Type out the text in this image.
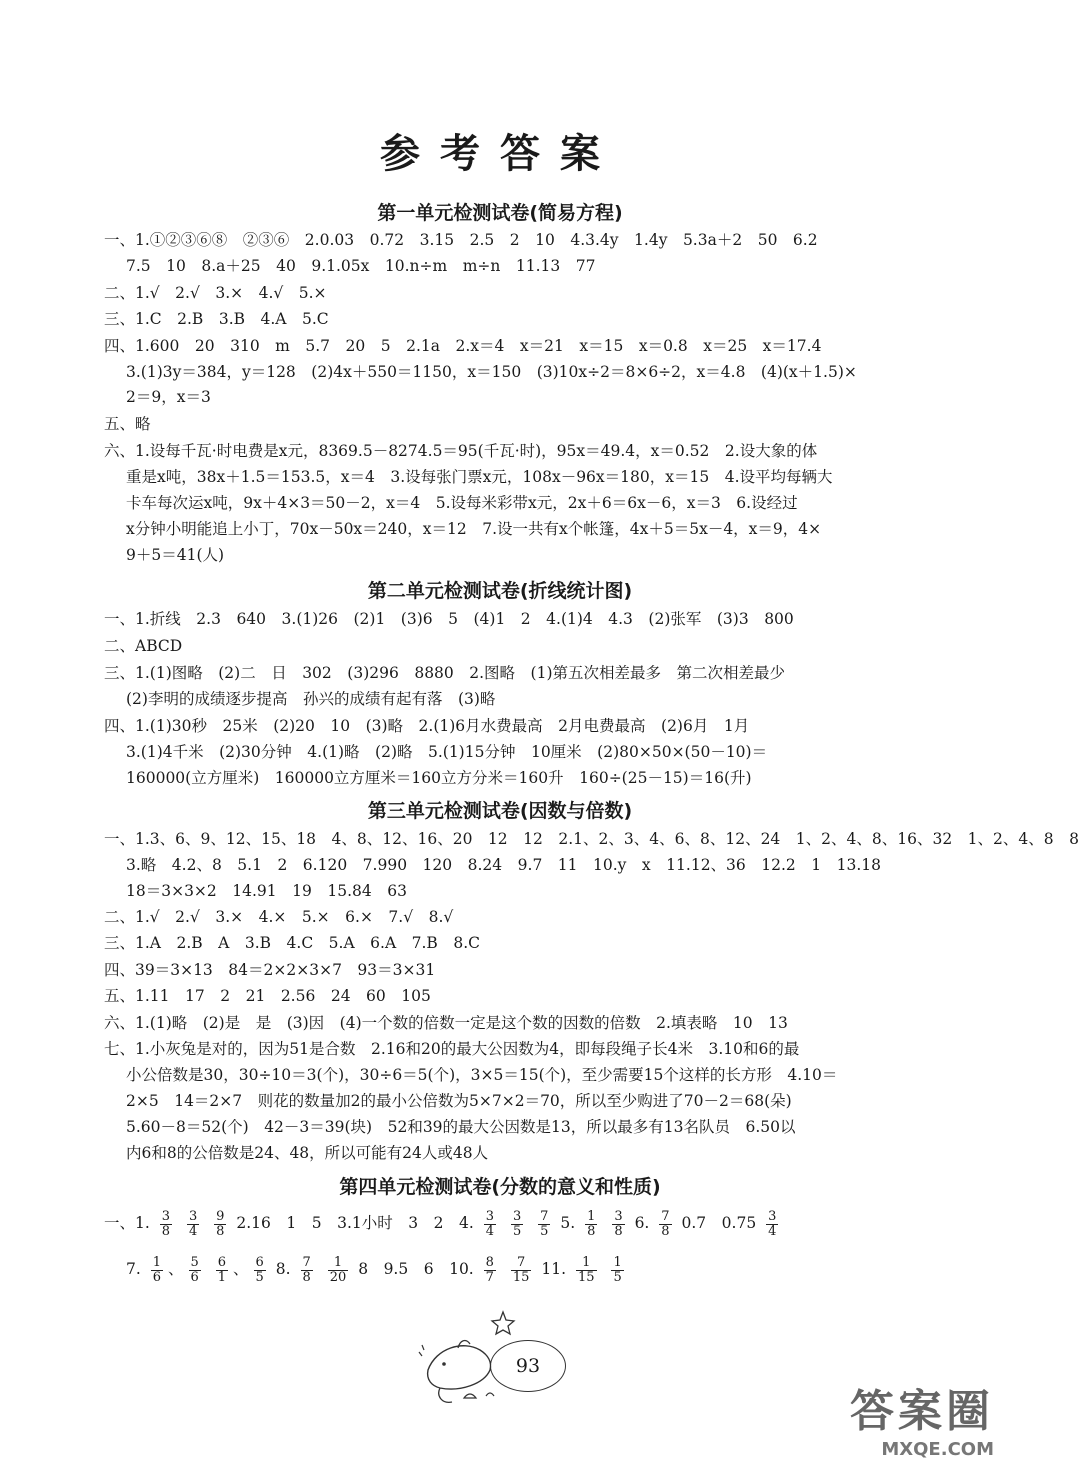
参考答案
第一单元检测试卷(简易方程)
一、1.①②③⑥⑧　②③⑥　2.0.03　0.72　3.15　2.5　2　10　4.3.4y　1.4y　5.3a＋2　50　6.2
7.5　10　8.a＋25　40　9.1.05x　10.n÷m　m÷n　11.13　77
二、1.√　2.√　3.×　4.√　5.×
三、1.C　2.B　3.B　4.A　5.C
四、1.600　20　310　m　5.7　20　5　2.1a　2.x＝4　x＝21　x＝15　x＝0.8　x＝25　x＝17.4
3.(1)3y＝384，y＝128　(2)4x＋550＝1150，x＝150　(3)10x÷2＝8×6÷2，x＝4.8　(4)(x＋1.5)×
2＝9，x＝3
五、略
六、1.设每千瓦·时电费是x元，8369.5－8274.5＝95(千瓦·时)，95x＝49.4，x＝0.52　2.设大象的体
重是x吨，38x＋1.5＝153.5，x＝4　3.设每张门票x元，108x－96x＝180，x＝15　4.设平均每辆大
卡车每次运x吨，9x＋4×3＝50－2，x＝4　5.设每米彩带x元，2x＋6＝6x－6，x＝3　6.设经过
x分钟小明能追上小丁，70x－50x＝240，x＝12　7.设一共有x个帐篷，4x＋5＝5x－4，x＝9，4×
9＋5＝41(人)
第二单元检测试卷(折线统计图)
一、1.折线　2.3　640　3.(1)26　(2)1　(3)6　5　(4)1　2　4.(1)4　4.3　(2)张军　(3)3　800
二、ABCD
三、1.(1)图略　(2)二　日　302　(3)296　8880　2.图略　(1)第五次相差最多　第二次相差最少
(2)李明的成绩逐步提高　孙兴的成绩有起有落　(3)略
四、1.(1)30秒　25米　(2)20　10　(3)略　2.(1)6月水费最高　2月电费最高　(2)6月　1月
3.(1)4千米　(2)30分钟　4.(1)略　(2)略　5.(1)15分钟　10厘米　(2)80×50×(50－10)＝
160000(立方厘米)　160000立方厘米＝160立方分米＝160升　160÷(25－15)＝16(升)
第三单元检测试卷(因数与倍数)
一、1.3、6、9、12、15、18　4、8、12、16、20　12　12　2.1、2、3、4、6、8、12、24　1、2、4、8、16、32　1、2、4、8　8
3.略　4.2、8　5.1　2　6.120　7.990　120　8.24　9.7　11　10.y　x　11.12、36　12.2　1　13.18
18＝3×3×2　14.91　19　15.84　63
二、1.√　2.√　3.×　4.×　5.×　6.×　7.√　8.√
三、1.A　2.B　A　3.B　4.C　5.A　6.A　7.B　8.C
四、39＝3×13　84＝2×2×3×7　93＝3×31
五、1.11　17　2　21　2.56　24　60　105
六、1.(1)略　(2)是　是　(3)因　(4)一个数的倍数一定是这个数的因数的倍数　2.填表略　10　13
七、1.小灰兔是对的，因为51是合数　2.16和20的最大公因数为4，即每段绳子长4米　3.10和6的最
小公倍数是30，30÷10＝3(个)，30÷6＝5(个)，3×5＝15(个)，至少需要15个这样的长方形　4.10＝
2×5　14＝2×7　则花的数量加2的最小公倍数为5×7×2＝70，所以至少购进了70－2＝68(朵)
5.60－8＝52(个)　42－3＝39(块)　52和39的最大公因数是13，所以最多有13名队员　6.50以
内6和8的公倍数是24、48，所以可能有24人或48人
第四单元检测试卷(分数的意义和性质)
一、1. $\frac{3}{8}$
$\frac{3}{4}$
$\frac{9}{8} 2.16$　1　5　3.1小时　3　2　4. $\frac{3}{4}$
$\frac{3}{5}$
$\frac{7}{5} 5$. $\frac{1}{8}$
$\frac{3}{8} 6$. $\frac{7}{8} 0.7$　$0.75 \frac{3}{4}$
7. $\frac{1}{6}$ 、 $\frac{5}{6}$
$\frac{6}{1}$ 、 $\frac{6}{5} 8$. $\frac{7}{8}$
$\frac{1}{20} 8$　9.5　6　10. $\frac{8}{7}$
$\frac{7}{15} 11$. $\frac{1}{15}$
$\frac{1}{5}$
93
答案圈
MXQE.COM
